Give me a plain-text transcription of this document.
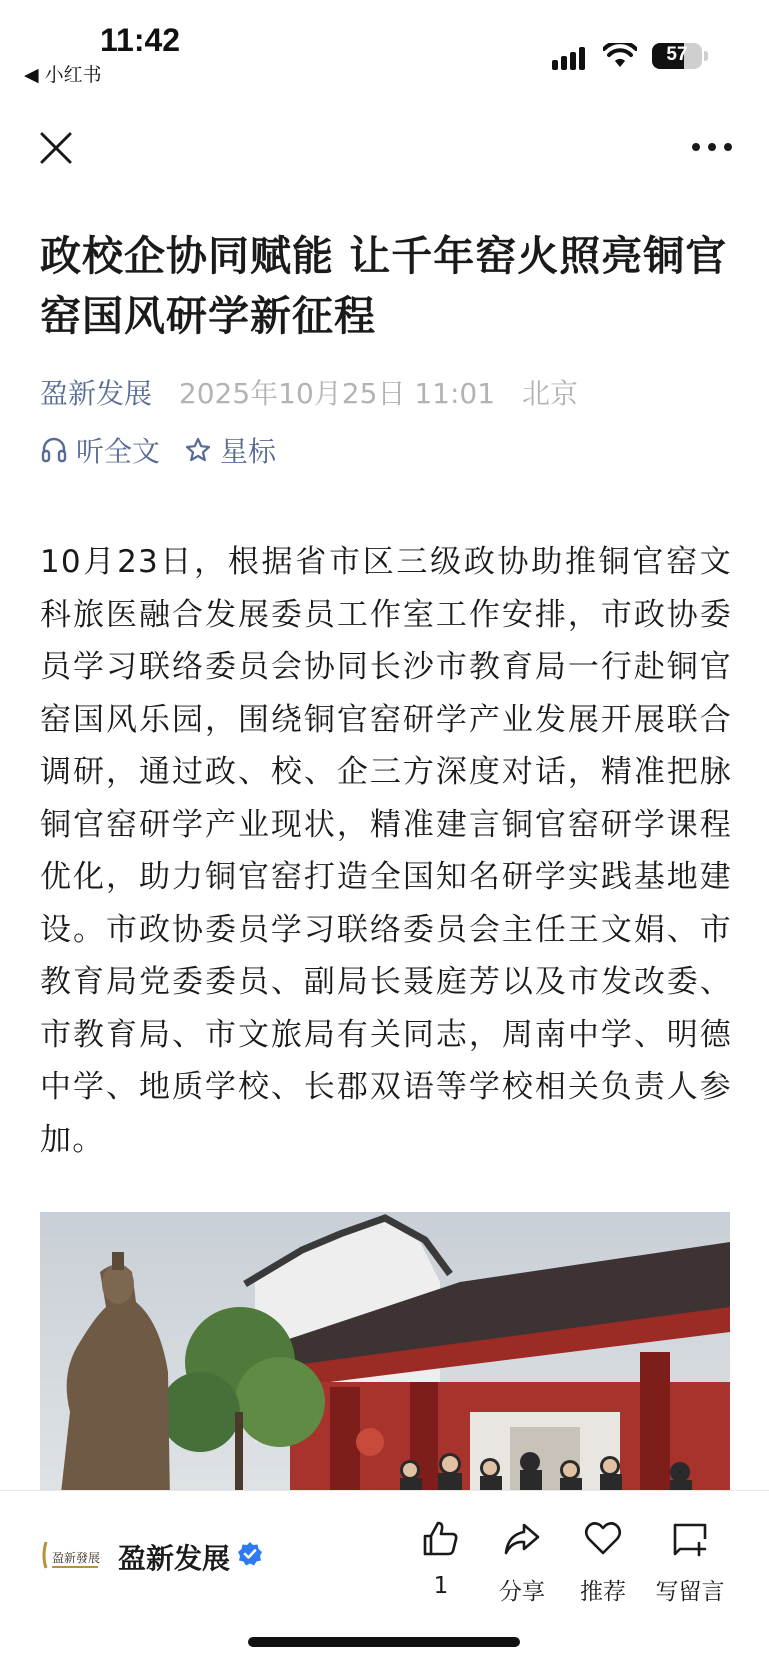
11:42
◀ 小红书
57
政校企协同赋能 让千年窑火照亮铜官窑国风研学新征程
盈新发展 2025年10月25日 11:01 北京
听全文 星标
10月23日，根据省市区三级政协助推铜官窑文科旅医融合发展委员工作室工作安排，市政协委员学习联络委员会协同长沙市教育局一行赴铜官窑国风乐园，围绕铜官窑研学产业发展开展联合调研，通过政、校、企三方深度对话，精准把脉铜官窑研学产业现状，精准建言铜官窑研学课程优化，助力铜官窑打造全国知名研学实践基地建设。市政协委员学习联络委员会主任王文娟、市教育局党委委员、副局长聂庭芳以及市发改委、市教育局、市文旅局有关同志，周南中学、明德中学、地质学校、长郡双语等学校相关负责人参加。
盈新發展 盈新发展
1	分享	推荐	写留言
